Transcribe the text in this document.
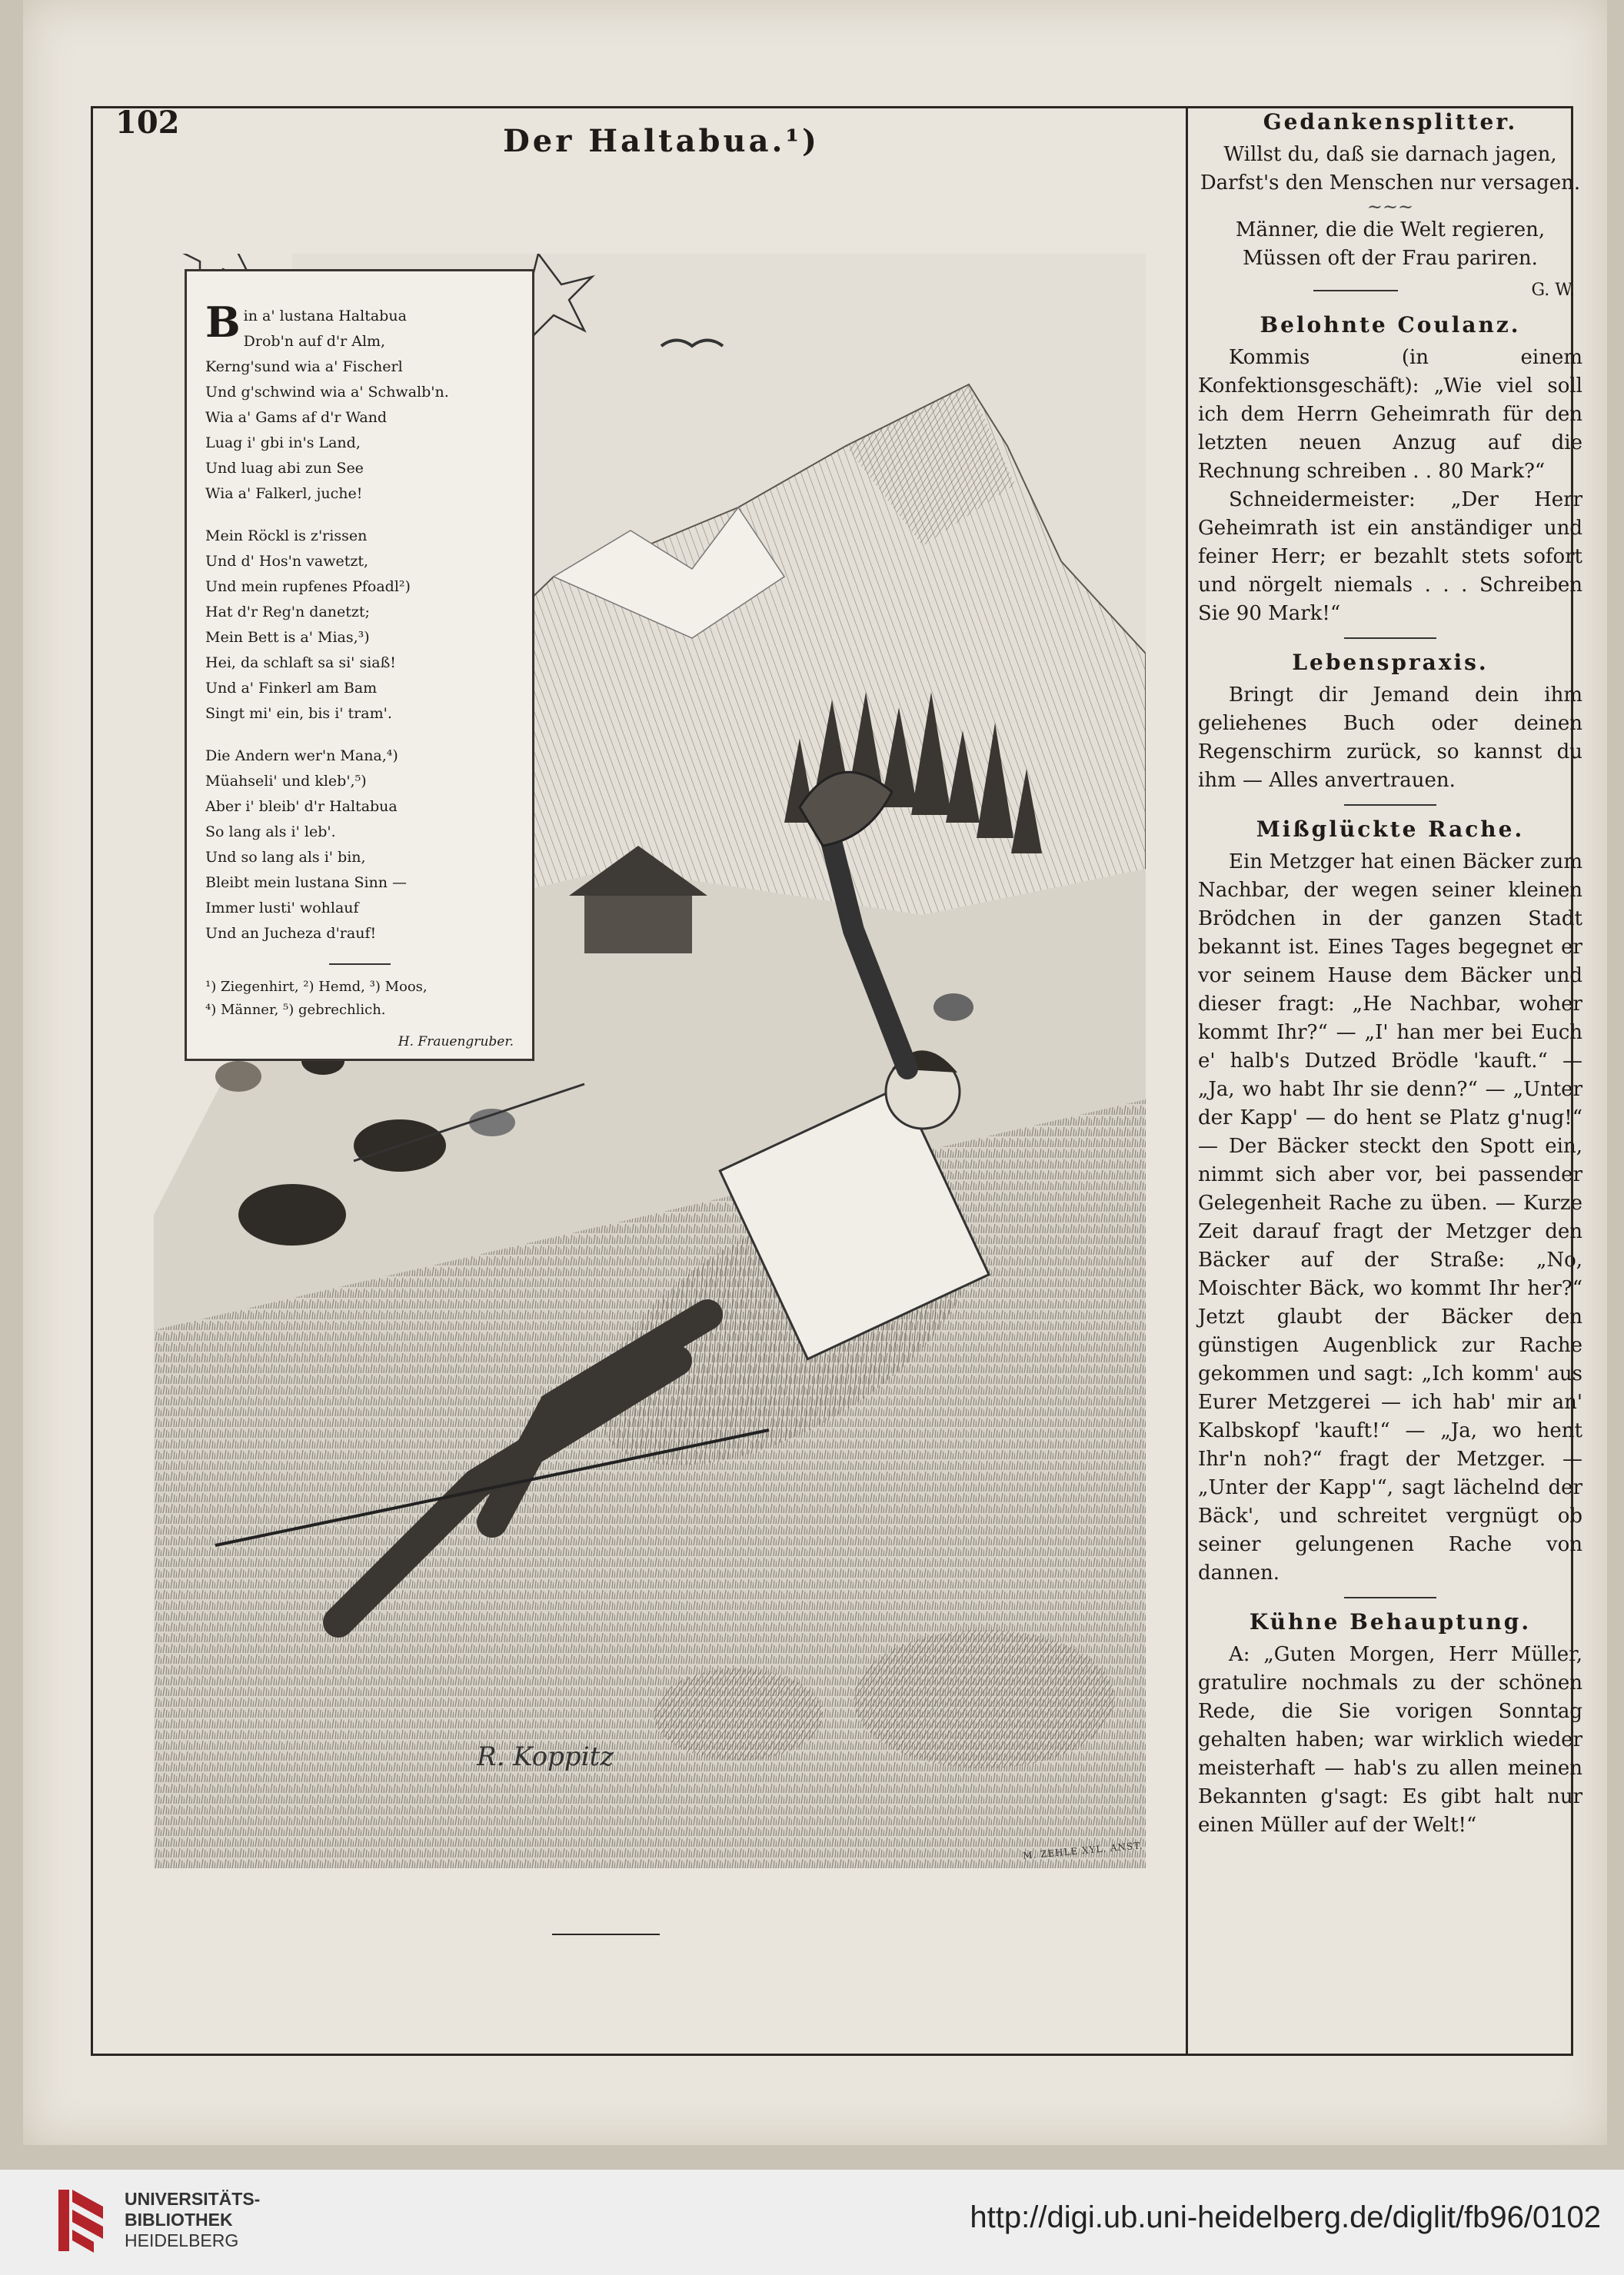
102
Der Haltabua.¹)
R. Koppitz
M. ZEHLE XYL. ANST.
B in a' lustana Haltabua
Drob'n auf d'r Alm,
Kerng'sund wia a' Fischerl
Und g'schwind wia a' Schwalb'n.
Wia a' Gams af d'r Wand
Luag i' gbi in's Land,
Und luag abi zun See
Wia a' Falkerl, juche!
Mein Röckl is z'rissen
Und d' Hos'n vawetzt,
Und mein rupfenes Pfoadl²)
Hat d'r Reg'n danetzt;
Mein Bett is a' Mias,³)
Hei, da schlaft sa si' siaß!
Und a' Finkerl am Bam
Singt mi' ein, bis i' tram'.
Die Andern wer'n Mana,⁴)
Müahseli' und kleb',⁵)
Aber i' bleib' d'r Haltabua
So lang als i' leb'.
Und so lang als i' bin,
Bleibt mein lustana Sinn —
Immer lusti' wohlauf
Und an Jucheza d'rauf!
¹) Ziegenhirt, ²) Hemd, ³) Moos,
⁴) Männer, ⁵) gebrechlich.
H. Frauengruber.
Gedankensplitter.
Willst du, daß sie darnach jagen,
Darfst's den Menschen nur versagen.
~~~
Männer, die die Welt regieren,
Müssen oft der Frau pariren.
G. W.
Belohnte Coulanz.

Kommis (in einem Konfektionsgeschäft): „Wie viel soll ich dem Herrn Geheimrath für den letzten neuen Anzug auf die Rechnung schreiben . . 80 Mark?“

Schneidermeister: „Der Herr Geheimrath ist ein anständiger und feiner Herr; er bezahlt stets sofort und nörgelt niemals . . . Schreiben Sie 90 Mark!“

Lebenspraxis.

Bringt dir Jemand dein ihm geliehenes Buch oder deinen Regenschirm zurück, so kannst du ihm — Alles anvertrauen.

Mißglückte Rache.

Ein Metzger hat einen Bäcker zum Nachbar, der wegen seiner kleinen Brödchen in der ganzen Stadt bekannt ist. Eines Tages begegnet er vor seinem Hause dem Bäcker und dieser fragt: „He Nachbar, woher kommt Ihr?“ — „I' han mer bei Euch e' halb's Dutzed Brödle 'kauft.“ — „Ja, wo habt Ihr sie denn?“ — „Unter der Kapp' — do hent se Platz g'nug!“ — Der Bäcker steckt den Spott ein, nimmt sich aber vor, bei passender Gelegenheit Rache zu üben. — Kurze Zeit darauf fragt der Metzger den Bäcker auf der Straße: „No, Moischter Bäck, wo kommt Ihr her?“ Jetzt glaubt der Bäcker den günstigen Augenblick zur Rache gekommen und sagt: „Ich komm' aus Eurer Metzgerei — ich hab' mir an' Kalbskopf 'kauft!“ — „Ja, wo hent Ihr'n noh?“ fragt der Metzger. — „Unter der Kapp'“, sagt lächelnd der Bäck', und schreitet vergnügt ob seiner gelungenen Rache von dannen.

Kühne Behauptung.

A: „Guten Morgen, Herr Müller, gratulire nochmals zu der schönen Rede, die Sie vorigen Sonntag gehalten haben; war wirklich wieder meisterhaft — hab's zu allen meinen Bekannten g'sagt: Es gibt halt nur einen Müller auf der Welt!“

UNIVERSITÄTS-
BIBLIOTHEK
HEIDELBERG
http://digi.ub.uni-heidelberg.de/diglit/fb96/0102
